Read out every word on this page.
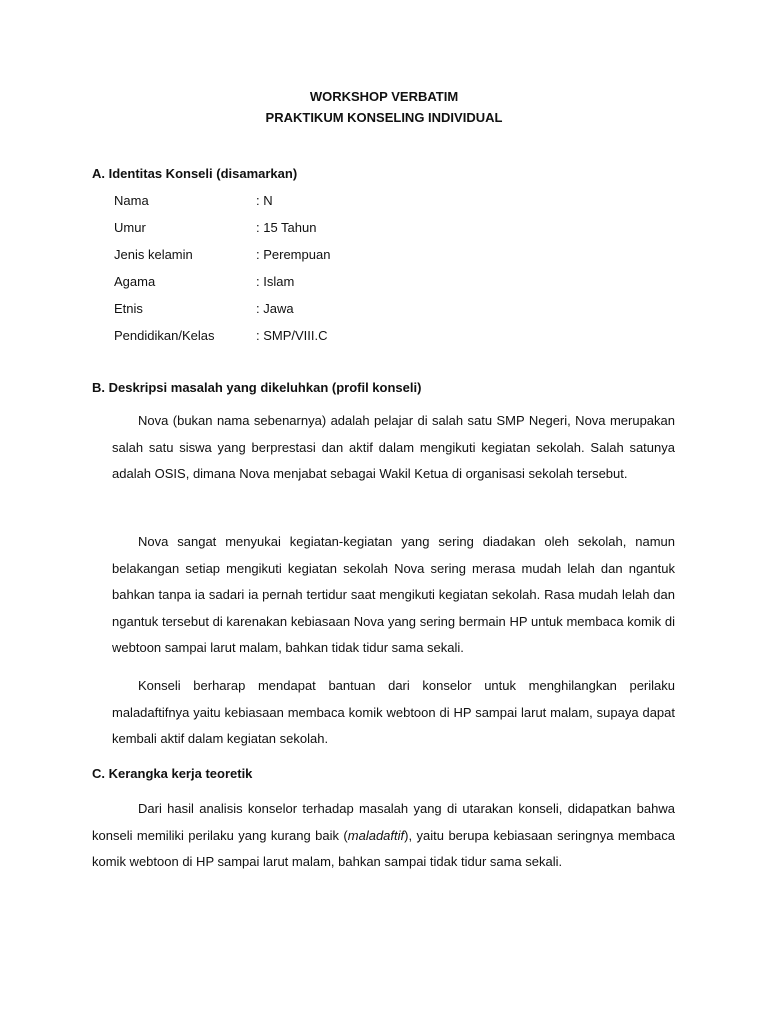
WORKSHOP VERBATIM
PRAKTIKUM KONSELING INDIVIDUAL
A. Identitas Konseli (disamarkan)
Nama	: N
Umur	: 15 Tahun
Jenis kelamin	: Perempuan
Agama	: Islam
Etnis	: Jawa
Pendidikan/Kelas	: SMP/VIII.C
B. Deskripsi masalah yang dikeluhkan (profil konseli)
Nova (bukan nama sebenarnya) adalah pelajar di salah satu SMP Negeri, Nova merupakan salah satu siswa yang berprestasi dan aktif dalam mengikuti kegiatan sekolah. Salah satunya adalah OSIS, dimana Nova menjabat sebagai Wakil Ketua di organisasi sekolah tersebut.
Nova sangat menyukai kegiatan-kegiatan yang sering diadakan oleh sekolah, namun belakangan setiap mengikuti kegiatan sekolah Nova sering merasa mudah lelah dan ngantuk bahkan tanpa ia sadari ia pernah tertidur saat mengikuti kegiatan sekolah. Rasa mudah lelah dan ngantuk tersebut di karenakan kebiasaan Nova yang sering bermain HP untuk membaca komik di webtoon sampai larut malam, bahkan tidak tidur sama sekali.
Konseli berharap mendapat bantuan dari konselor untuk menghilangkan perilaku maladaftifnya yaitu kebiasaan membaca komik webtoon di HP sampai larut malam, supaya dapat kembali aktif dalam kegiatan sekolah.
C. Kerangka kerja teoretik
Dari hasil analisis konselor terhadap masalah yang di utarakan konseli, didapatkan bahwa konseli memiliki perilaku yang kurang baik (maladaftif), yaitu berupa kebiasaan seringnya membaca komik webtoon di HP sampai larut malam, bahkan sampai tidak tidur sama sekali.
